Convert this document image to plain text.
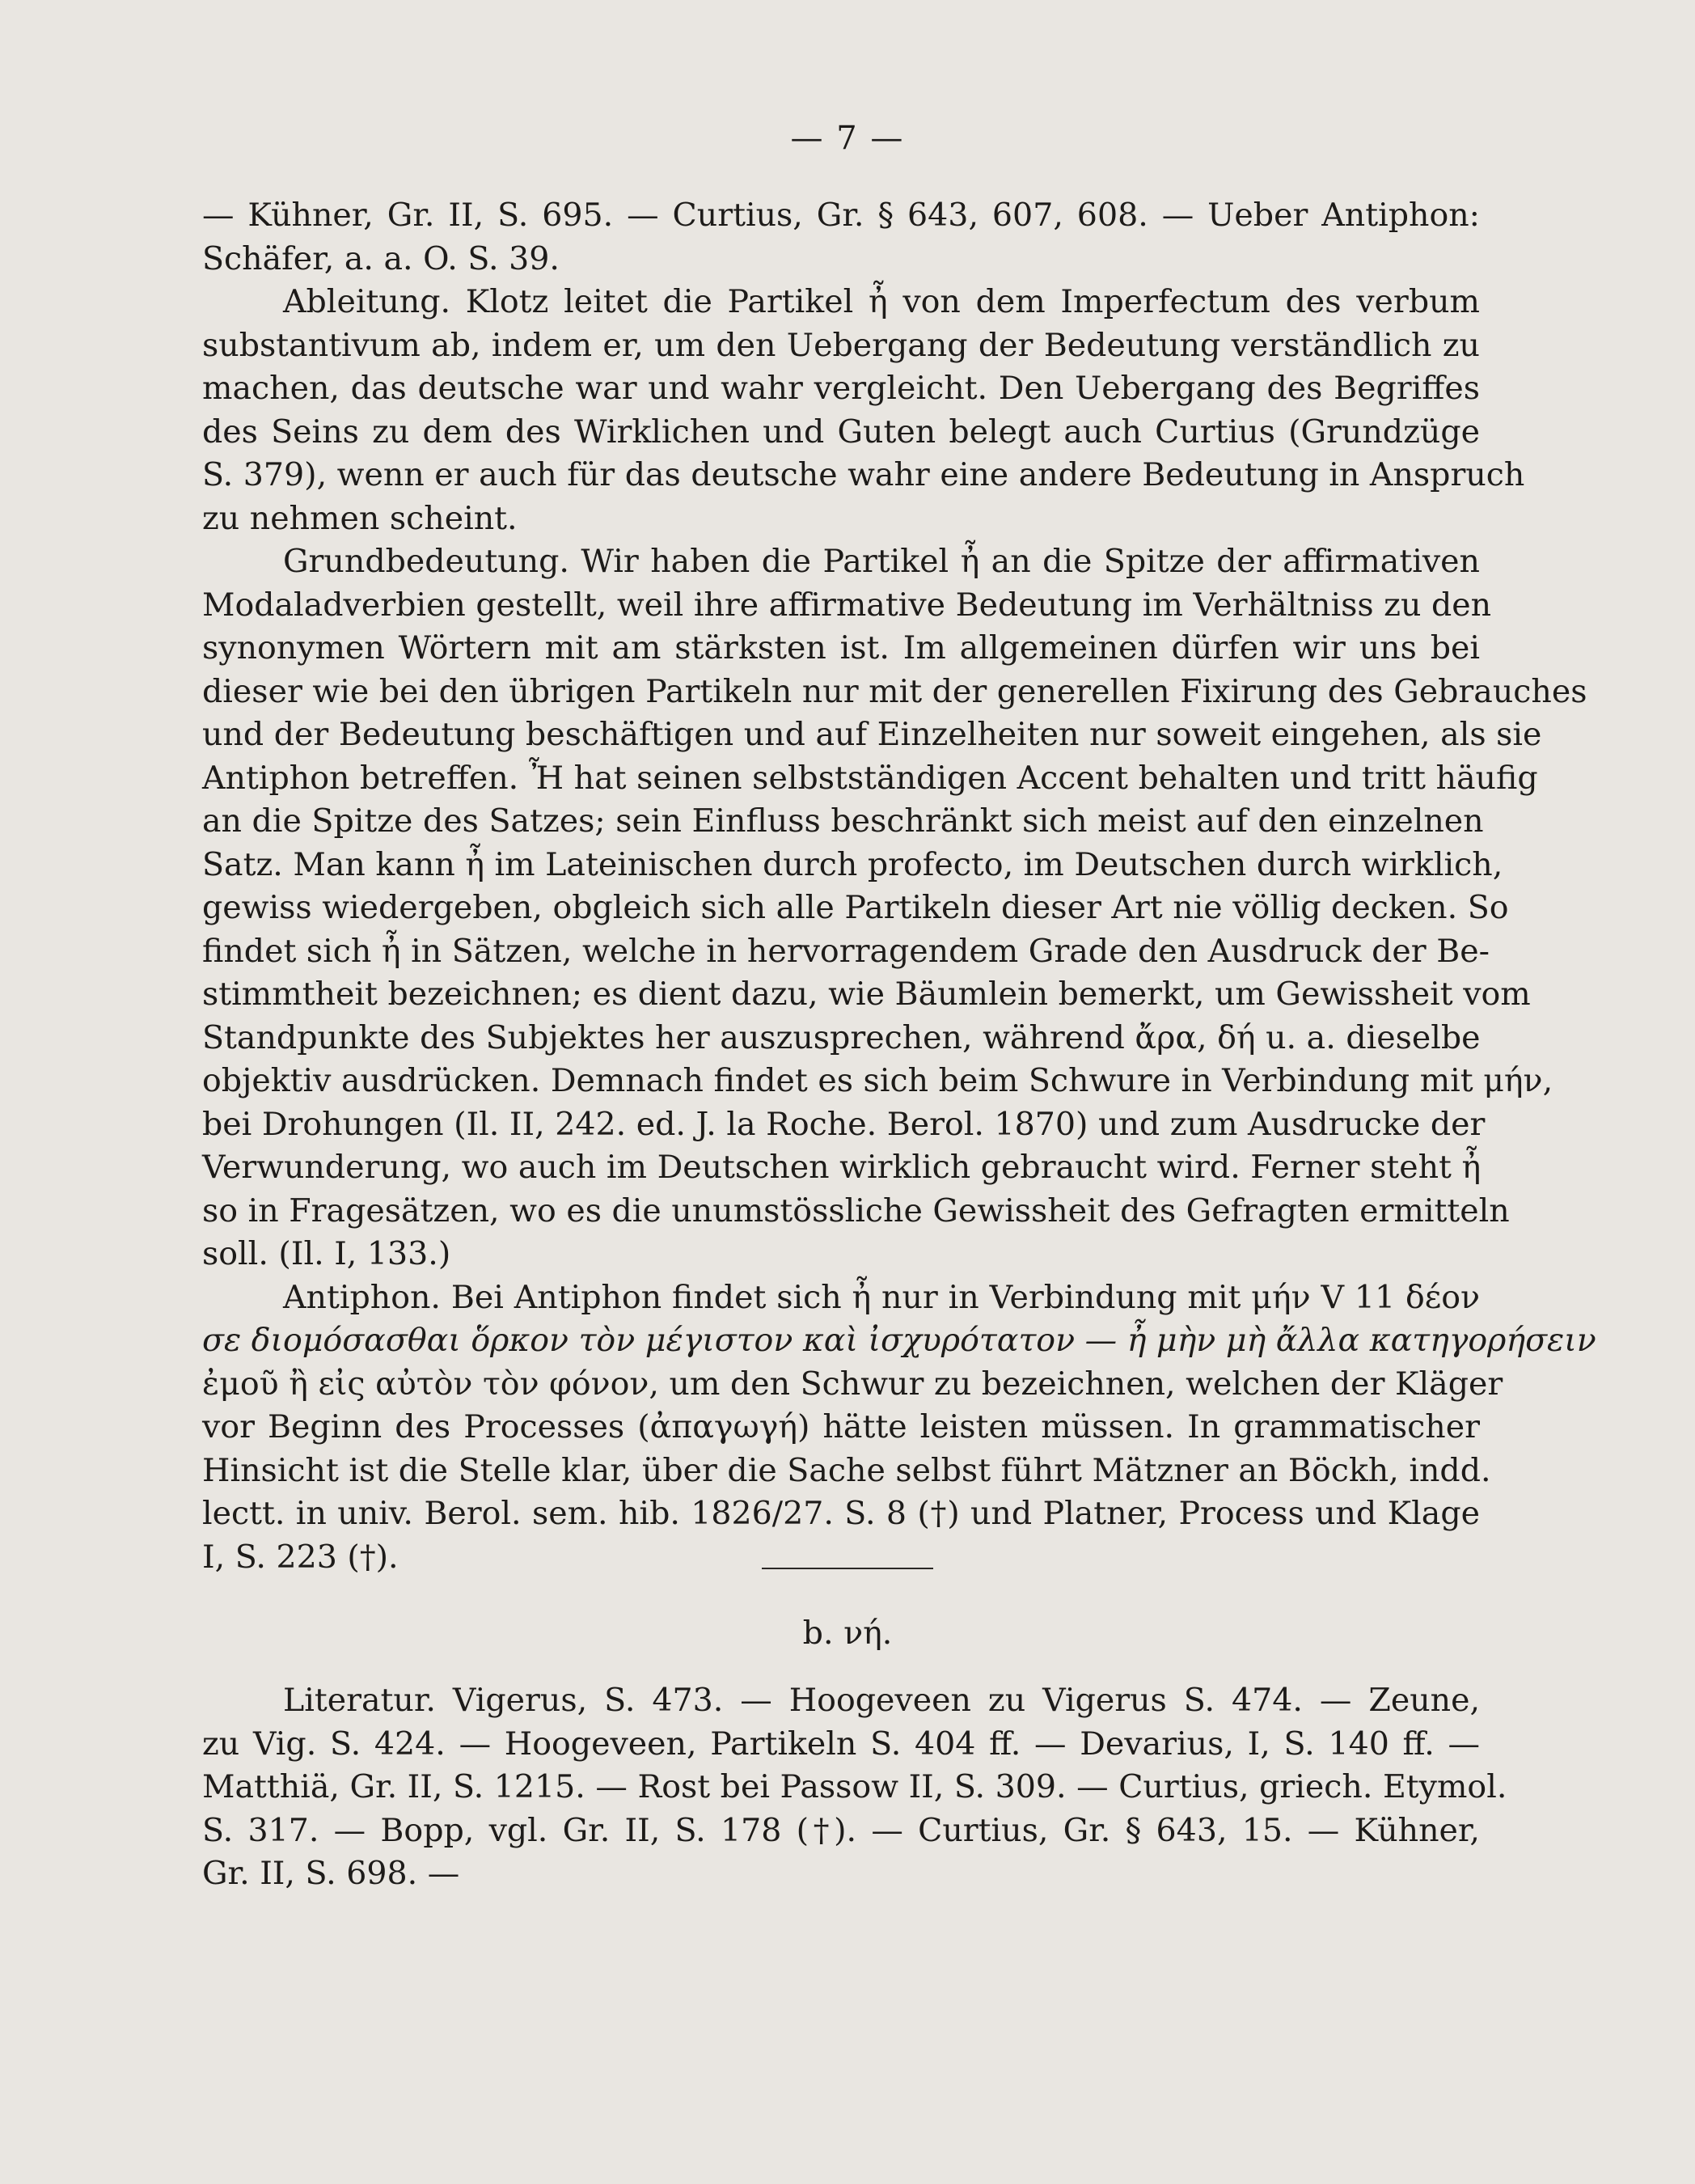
— 7 —
— Kühner, Gr. II, S. 695. — Curtius, Gr. § 643, 607, 608. — Ueber Antiphon:
Schäfer, a. a. O. S. 39.
Ableitung. Klotz leitet die Partikel ἦ von dem Imperfectum des verbum
substantivum ab, indem er, um den Uebergang der Bedeutung verständlich zu
machen, das deutsche war und wahr vergleicht. Den Uebergang des Begriffes
des Seins zu dem des Wirklichen und Guten belegt auch Curtius (Grundzüge
S. 379), wenn er auch für das deutsche wahr eine andere Bedeutung in Anspruch
zu nehmen scheint.
Grundbedeutung. Wir haben die Partikel ἦ an die Spitze der affirmativen
Modaladverbien gestellt, weil ihre affirmative Bedeutung im Verhältniss zu den
synonymen Wörtern mit am stärksten ist. Im allgemeinen dürfen wir uns bei
dieser wie bei den übrigen Partikeln nur mit der generellen Fixirung des Gebrauches
und der Bedeutung beschäftigen und auf Einzelheiten nur soweit eingehen, als sie
Antiphon betreffen. Ἦ hat seinen selbstständigen Accent behalten und tritt häufig
an die Spitze des Satzes; sein Einfluss beschränkt sich meist auf den einzelnen
Satz. Man kann ἦ im Lateinischen durch profecto, im Deutschen durch wirklich,
gewiss wiedergeben, obgleich sich alle Partikeln dieser Art nie völlig decken. So
findet sich ἦ in Sätzen, welche in hervorragendem Grade den Ausdruck der Be-
stimmtheit bezeichnen; es dient dazu, wie Bäumlein bemerkt, um Gewissheit vom
Standpunkte des Subjektes her auszusprechen, während ἄρα, δή u. a. dieselbe
objektiv ausdrücken. Demnach findet es sich beim Schwure in Verbindung mit μήν,
bei Drohungen (Il. II, 242. ed. J. la Roche. Berol. 1870) und zum Ausdrucke der
Verwunderung, wo auch im Deutschen wirklich gebraucht wird. Ferner steht ἦ
so in Fragesätzen, wo es die unumstössliche Gewissheit des Gefragten ermitteln
soll. (Il. I, 133.)
Antiphon. Bei Antiphon findet sich ἦ nur in Verbindung mit μήν V 11 δέον
σε διομόσασθαι ὅρκον τὸν μέγιστον καὶ ἰσχυρότατον — ἦ μὴν μὴ ἄλλα κατηγορήσειν
ἐμοῦ ἢ εἰς αὐτὸν τὸν φόνον, um den Schwur zu bezeichnen, welchen der Kläger
vor Beginn des Processes (ἀπαγωγή) hätte leisten müssen. In grammatischer
Hinsicht ist die Stelle klar, über die Sache selbst führt Mätzner an Böckh, indd.
lectt. in univ. Berol. sem. hib. 1826/27. S. 8 (†) und Platner, Process und Klage
I, S. 223 (†).
b. νή.
Literatur. Vigerus, S. 473. — Hoogeveen zu Vigerus S. 474. — Zeune,
zu Vig. S. 424. — Hoogeveen, Partikeln S. 404 ff. — Devarius, I, S. 140 ff. —
Matthiä, Gr. II, S. 1215. — Rost bei Passow II, S. 309. — Curtius, griech. Etymol.
S. 317. — Bopp, vgl. Gr. II, S. 178 (†). — Curtius, Gr. § 643, 15. — Kühner,
Gr. II, S. 698. —
